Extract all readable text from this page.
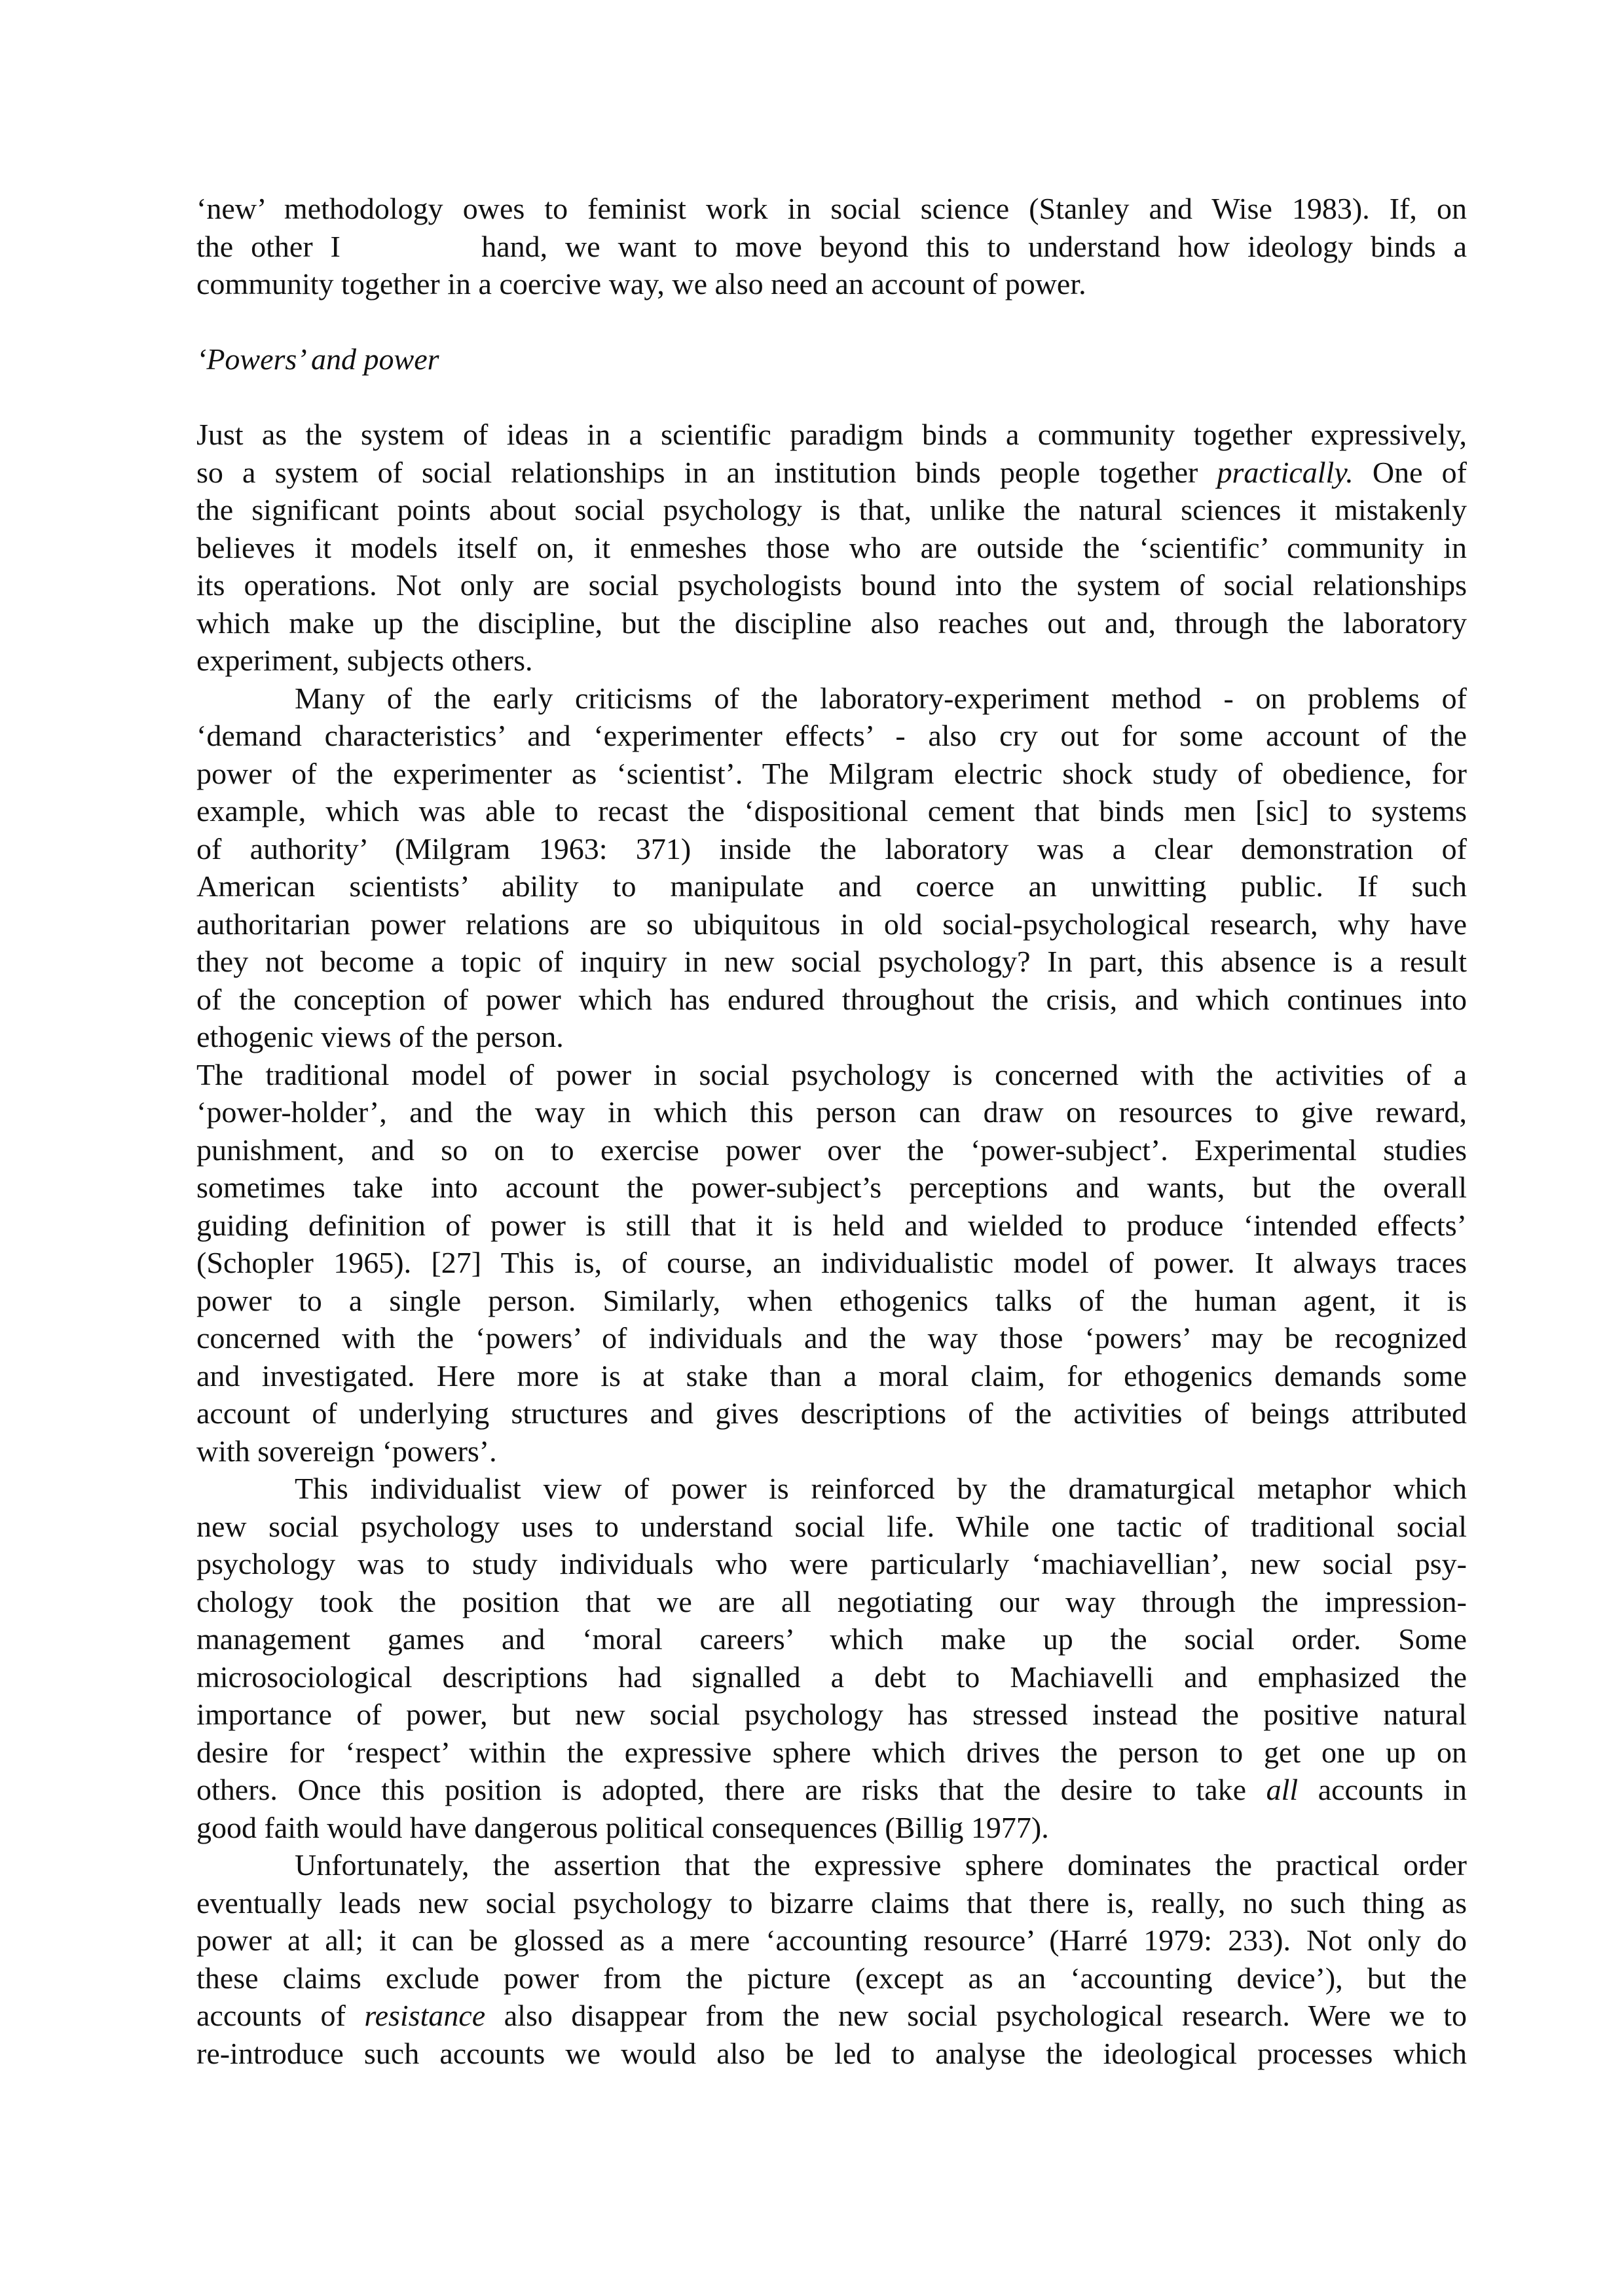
‘new’ methodology owes to feminist work in social science (Stanley and Wise 1983). If, on
the other I        hand, we want to move beyond this to understand how ideology binds a
community together in a coercive way, we also need an account of power.
‘Powers’ and power
Just as the system of ideas in a scientific paradigm binds a community together expressively,
so a system of social relationships in an institution binds people together practically. One of
the significant points about social psychology is that, unlike the natural sciences it mistakenly
believes it models itself on, it enmeshes those who are outside the ‘scientific’ community in
its operations. Not only are social psychologists bound into the system of social relationships
which make up the discipline, but the discipline also reaches out and, through the laboratory
experiment, subjects others.
Many of the early criticisms of the laboratory-experiment method - on problems of
‘demand characteristics’ and ‘experimenter effects’ - also cry out for some account of the
power of the experimenter as ‘scientist’. The Milgram electric shock study of obedience, for
example, which was able to recast the ‘dispositional cement that binds men [sic] to systems
of authority’ (Milgram 1963: 371) inside the laboratory was a clear demonstration of
American scientists’ ability to manipulate and coerce an unwitting public. If such
authoritarian power relations are so ubiquitous in old social-psychological research, why have
they not become a topic of inquiry in new social psychology? In part, this absence is a result
of the conception of power which has endured throughout the crisis, and which continues into
ethogenic views of the person.
The traditional model of power in social psychology is concerned with the activities of a
‘power-holder’, and the way in which this person can draw on resources to give reward,
punishment, and so on to exercise power over the ‘power-subject’. Experimental studies
sometimes take into account the power-subject’s perceptions and wants, but the overall
guiding definition of power is still that it is held and wielded to produce ‘intended effects’
(Schopler 1965). [27] This is, of course, an individualistic model of power. It always traces
power to a single person. Similarly, when ethogenics talks of the human agent, it is
concerned with the ‘powers’ of individuals and the way those ‘powers’ may be recognized
and investigated. Here more is at stake than a moral claim, for ethogenics demands some
account of underlying structures and gives descriptions of the activities of beings attributed
with sovereign ‘powers’.
This individualist view of power is reinforced by the dramaturgical metaphor which
new social psychology uses to understand social life. While one tactic of traditional social
psychology was to study individuals who were particularly ‘machiavellian’, new social psy-
chology took the position that we are all negotiating our way through the impression-
management games and ‘moral careers’ which make up the social order. Some
microsociological descriptions had signalled a debt to Machiavelli and emphasized the
importance of power, but new social psychology has stressed instead the positive natural
desire for ‘respect’ within the expressive sphere which drives the person to get one up on
others. Once this position is adopted, there are risks that the desire to take all accounts in
good faith would have dangerous political consequences (Billig 1977).
Unfortunately, the assertion that the expressive sphere dominates the practical order
eventually leads new social psychology to bizarre claims that there is, really, no such thing as
power at all; it can be glossed as a mere ‘accounting resource’ (Harré 1979: 233). Not only do
these claims exclude power from the picture (except as an ‘accounting device’), but the
accounts of resistance also disappear from the new social psychological research. Were we to
re-introduce such accounts we would also be led to analyse the ideological processes which
